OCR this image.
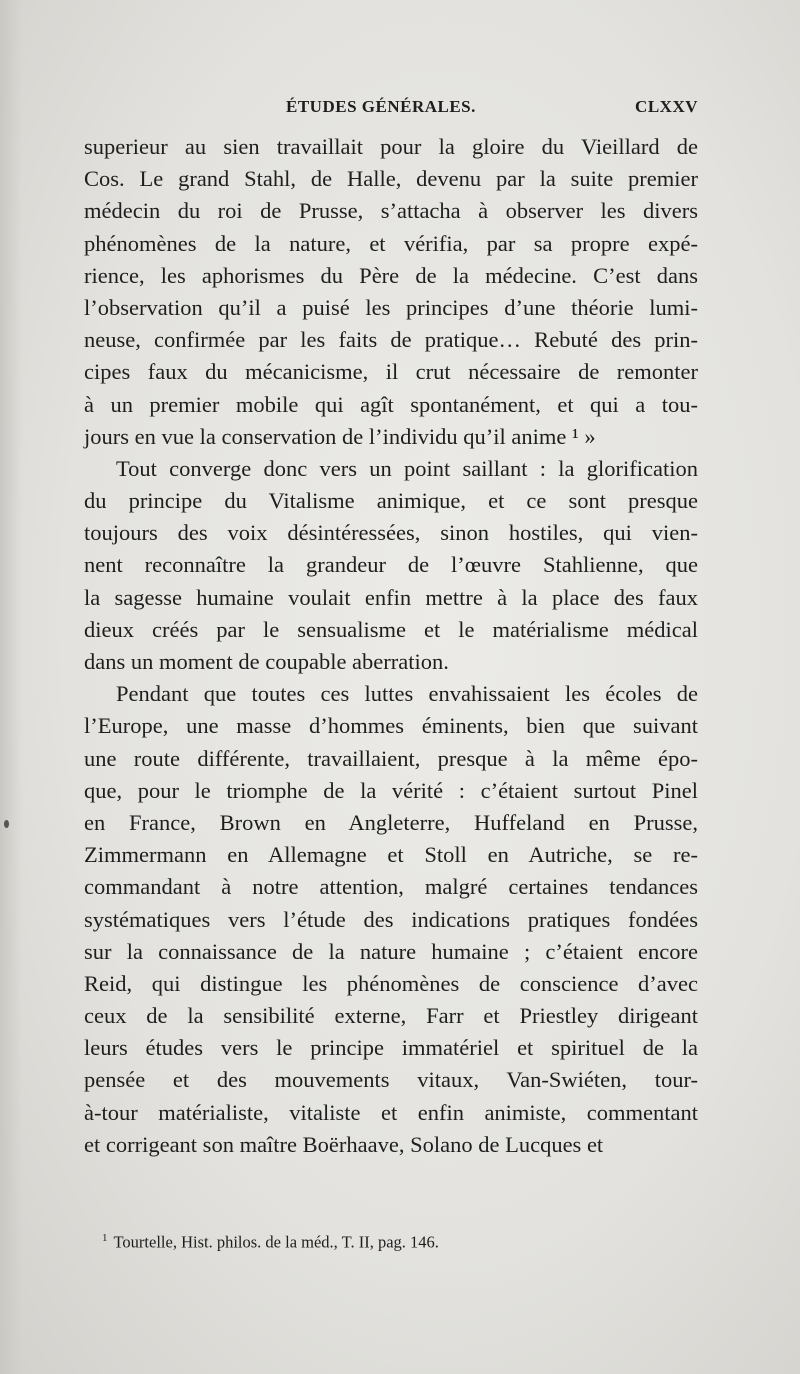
ÉTUDES GÉNÉRALES.	CLXXV
superieur au sien travaillait pour la gloire du Vieillard de
Cos. Le grand Stahl, de Halle, devenu par la suite premier
médecin du roi de Prusse, s’attacha à observer les divers
phénomènes de la nature, et vérifia, par sa propre expé-
rience, les aphorismes du Père de la médecine. C’est dans
l’observation qu’il a puisé les principes d’une théorie lumi-
neuse, confirmée par les faits de pratique… Rebuté des prin-
cipes faux du mécanicisme, il crut nécessaire de remonter
à un premier mobile qui agît spontanément, et qui a tou-
jours en vue la conservation de l’individu qu’il anime ¹ »
Tout converge donc vers un point saillant : la glorification
du principe du Vitalisme animique, et ce sont presque
toujours des voix désintéressées, sinon hostiles, qui vien-
nent reconnaître la grandeur de l’œuvre Stahlienne, que
la sagesse humaine voulait enfin mettre à la place des faux
dieux créés par le sensualisme et le matérialisme médical
dans un moment de coupable aberration.
Pendant que toutes ces luttes envahissaient les écoles de
l’Europe, une masse d’hommes éminents, bien que suivant
une route différente, travaillaient, presque à la même épo-
que, pour le triomphe de la vérité : c’étaient surtout Pinel
en France, Brown en Angleterre, Huffeland en Prusse,
Zimmermann en Allemagne et Stoll en Autriche, se re-
commandant à notre attention, malgré certaines tendances
systématiques vers l’étude des indications pratiques fondées
sur la connaissance de la nature humaine ; c’étaient encore
Reid, qui distingue les phénomènes de conscience d’avec
ceux de la sensibilité externe, Farr et Priestley dirigeant
leurs études vers le principe immatériel et spirituel de la
pensée et des mouvements vitaux, Van-Swiéten, tour-
à-tour matérialiste, vitaliste et enfin animiste, commentant
et corrigeant son maître Boërhaave, Solano de Lucques et
$^1$ Tourtelle, Hist. philos. de la méd., T. II, pag. 146.
